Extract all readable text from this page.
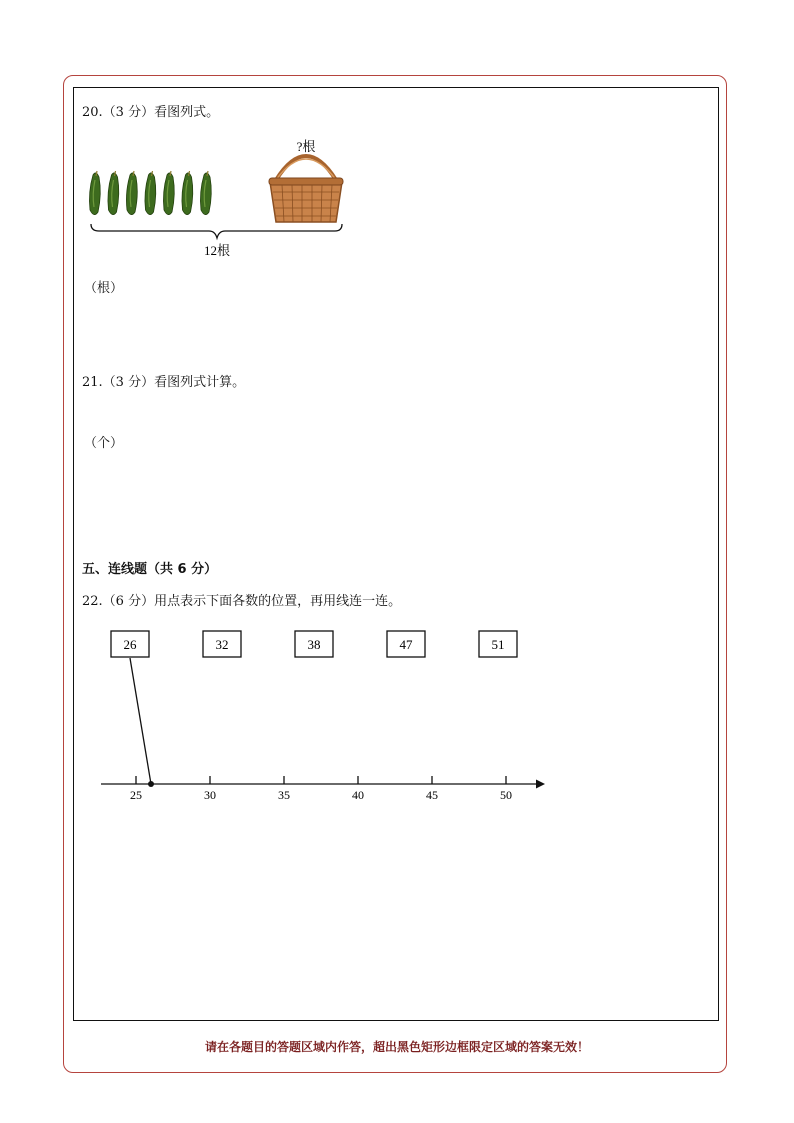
20.（3 分）看图列式。
?根
12根
（根）
21.（3 分）看图列式计算。
（个）
五、连线题（共 6 分）
22.（6 分）用点表示下面各数的位置，再用线连一连。
26	32	38	47	51
25	30	35	40	45	50
请在各题目的答题区域内作答，超出黑色矩形边框限定区域的答案无效！
